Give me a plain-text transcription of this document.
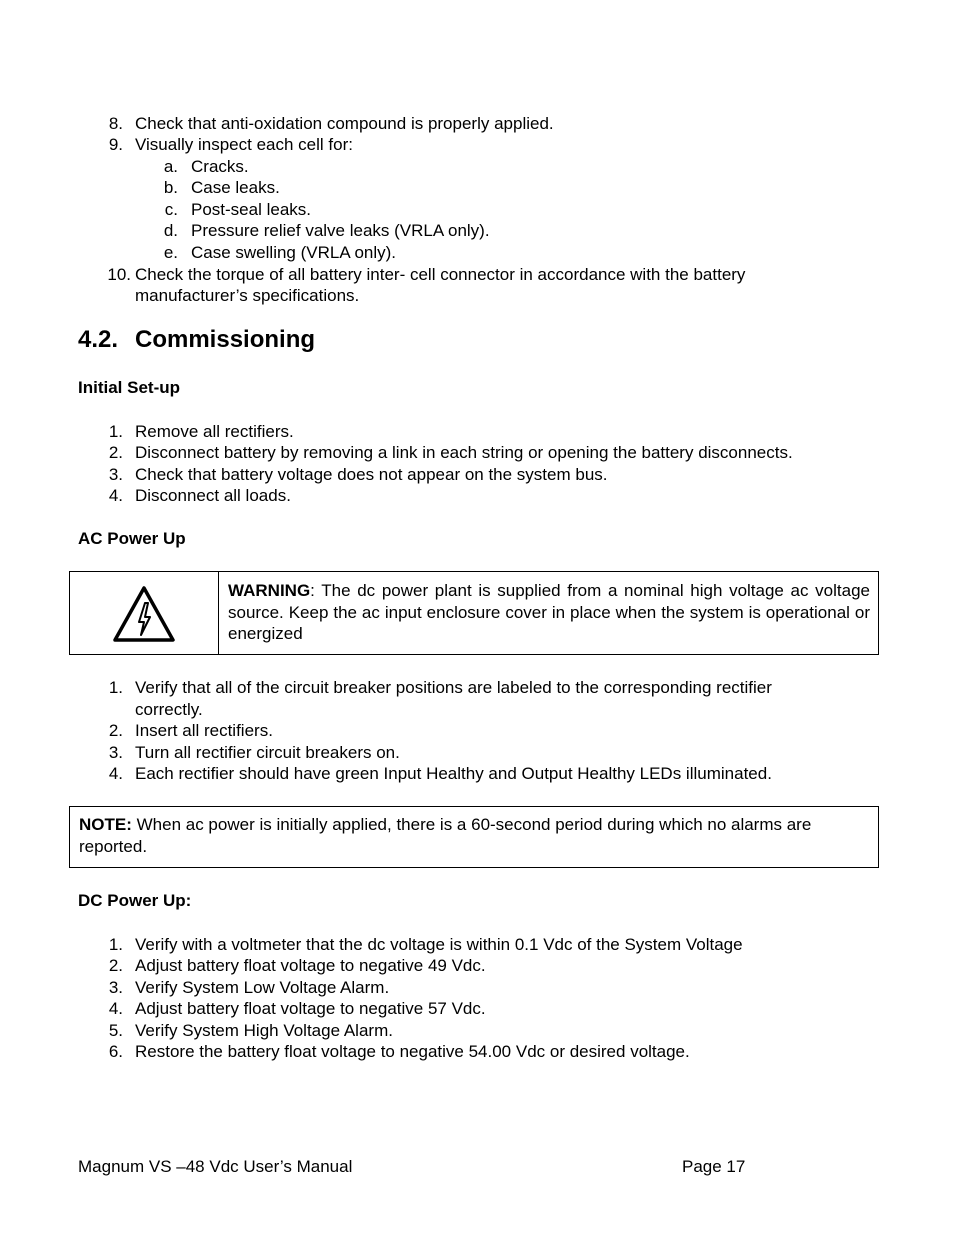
8. Check that anti-oxidation compound is properly applied.
9. Visually inspect each cell for:
a. Cracks.
b. Case leaks.
c. Post-seal leaks.
d. Pressure relief valve leaks (VRLA only).
e. Case swelling (VRLA only).
10. Check the torque of all battery inter- cell connector in accordance with the battery
manufacturer’s specifications.
4.2. Commissioning
Initial Set-up
1. Remove all rectifiers.
2. Disconnect battery by removing a link in each string or opening the battery disconnects.
3. Check that battery voltage does not appear on the system bus.
4. Disconnect all loads.
AC Power Up
WARNING: The dc power plant is supplied from a nominal high voltage ac voltage source. Keep the ac input enclosure cover in place when the system is operational or energized
1. Verify that all of the circuit breaker positions are labeled to the corresponding rectifier
correctly.
2. Insert all rectifiers.
3. Turn all rectifier circuit breakers on.
4. Each rectifier should have green Input Healthy and Output Healthy LEDs illuminated.
NOTE: When ac power is initially applied, there is a 60-second period during which no alarms are reported.
DC Power Up:
1. Verify with a voltmeter that the dc voltage is within 0.1 Vdc of the System Voltage
2. Adjust battery float voltage to negative 49 Vdc.
3. Verify System Low Voltage Alarm.
4. Adjust battery float voltage to negative 57 Vdc.
5. Verify System High Voltage Alarm.
6. Restore the battery float voltage to negative 54.00 Vdc or desired voltage.
Magnum VS –48 Vdc User’s Manual	Page 17
